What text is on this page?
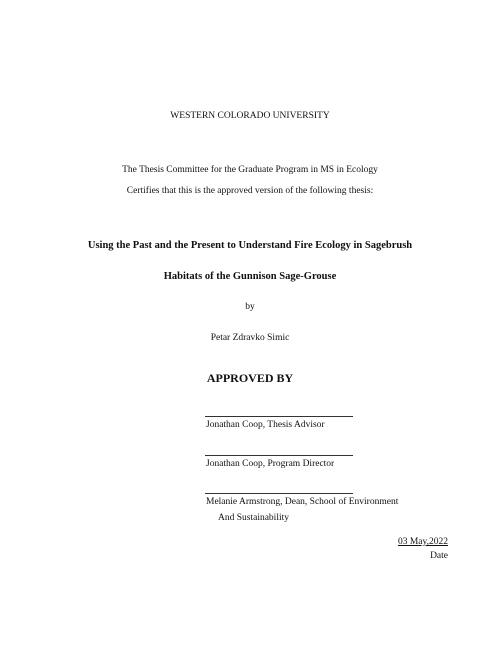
WESTERN COLORADO UNIVERSITY
The Thesis Committee for the Graduate Program in MS in Ecology
Certifies that this is the approved version of the following thesis:
Using the Past and the Present to Understand Fire Ecology in Sagebrush
Habitats of the Gunnison Sage-Grouse
by
Petar Zdravko Simic
APPROVED BY
Jonathan Coop, Thesis Advisor
Jonathan Coop, Program Director
Melanie Armstrong, Dean, School of Environment
And Sustainability
03 May,2022
Date
